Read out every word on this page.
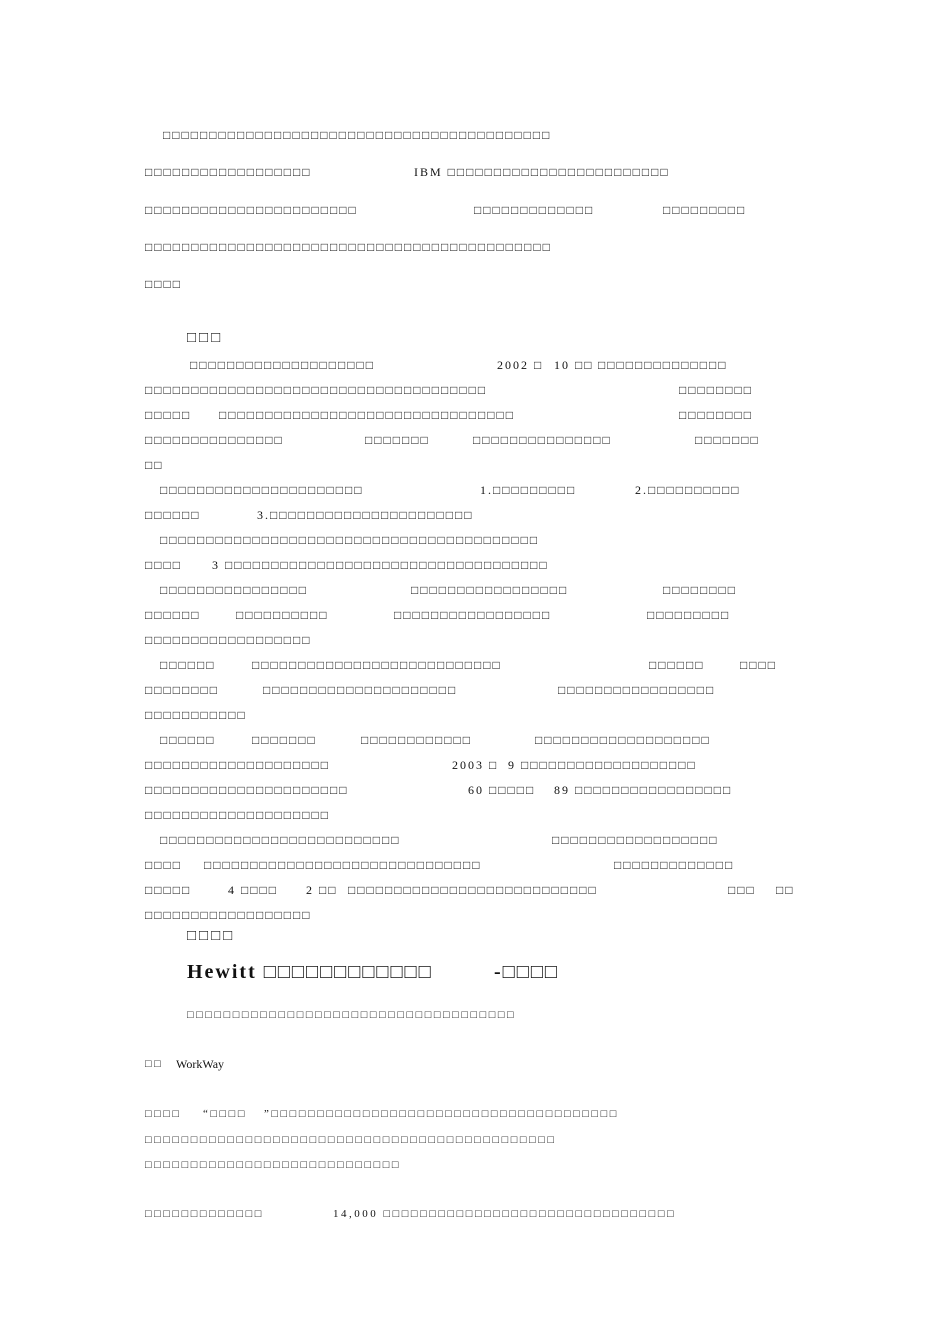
□□□□□□□□□□□□□□□□□□□□□□□□□□□□□□□□□□□□□□□□□□
□□□□□□□□□□□□□□□□□□	IBM □□□□□□□□□□□□□□□□□□□□□□□□
□□□□□□□□□□□□□□□□□□□□□□□	□□□□□□□□□□□□□	□□□□□□□□□
□□□□□□□□□□□□□□□□□□□□□□□□□□□□□□□□□□□□□□□□□□□□
□□□□
□□□
□□□□□□□□□□□□□□□□□□□□	2002 □ 10 □□ □□□□□□□□□□□□□□
□□□□□□□□□□□□□□□□□□□□□□□□□□□□□□□□□□□□□	□□□□□□□□
□□□□□ □□□□□□□□□□□□□□□□□□□□□□□□□□□□□□□□	□□□□□□□□
□□□□□□□□□□□□□□□	□□□□□□□	□□□□□□□□□□□□□□□	□□□□□□□
□□
□□□□□□□□□□□□□□□□□□□□□□	1.□□□□□□□□□	2.□□□□□□□□□□
□□□□□□	3.□□□□□□□□□□□□□□□□□□□□□□
□□□□□□□□□□□□□□□□□□□□□□□□□□□□□□□□□□□□□□□□□
□□□□	3 □□□□□□□□□□□□□□□□□□□□□□□□□□□□□□□□□□□
□□□□□□□□□□□□□□□□	□□□□□□□□□□□□□□□□□	□□□□□□□□
□□□□□□	□□□□□□□□□□	□□□□□□□□□□□□□□□□□	□□□□□□□□□
□□□□□□□□□□□□□□□□□□
□□□□□□	□□□□□□□□□□□□□□□□□□□□□□□□□□□	□□□□□□	□□□□
□□□□□□□□	□□□□□□□□□□□□□□□□□□□□□	□□□□□□□□□□□□□□□□□
□□□□□□□□□□□
□□□□□□	□□□□□□□	□□□□□□□□□□□□	□□□□□□□□□□□□□□□□□□□
□□□□□□□□□□□□□□□□□□□□	2003 □ 9 □□□□□□□□□□□□□□□□□□□
□□□□□□□□□□□□□□□□□□□□□□	60 □□□□□ 89 □□□□□□□□□□□□□□□□□
□□□□□□□□□□□□□□□□□□□□
□□□□□□□□□□□□□□□□□□□□□□□□□□	□□□□□□□□□□□□□□□□□□
□□□□ □□□□□□□□□□□□□□□□□□□□□□□□□□□□□□	□□□□□□□□□□□□□
□□□□□	4 □□□□ 2 □□ □□□□□□□□□□□□□□□□□□□□□□□□□□□	□□□ □□
□□□□□□□□□□□□□□□□□□
□□□□
Hewitt □□□□□□□□□□□□	-□□□□
□□□□□□□□□□□□□□□□□□□□□□□□□□□□□□□□□□□□
□□ WorkWay
□□□□ “□□□□ ”□□□□□□□□□□□□□□□□□□□□□□□□□□□□□□□□□□□□□□
□□□□□□□□□□□□□□□□□□□□□□□□□□□□□□□□□□□□□□□□□□□□□
□□□□□□□□□□□□□□□□□□□□□□□□□□□□
□□□□□□□□□□□□□	14,000 □□□□□□□□□□□□□□□□□□□□□□□□□□□□□□□□
